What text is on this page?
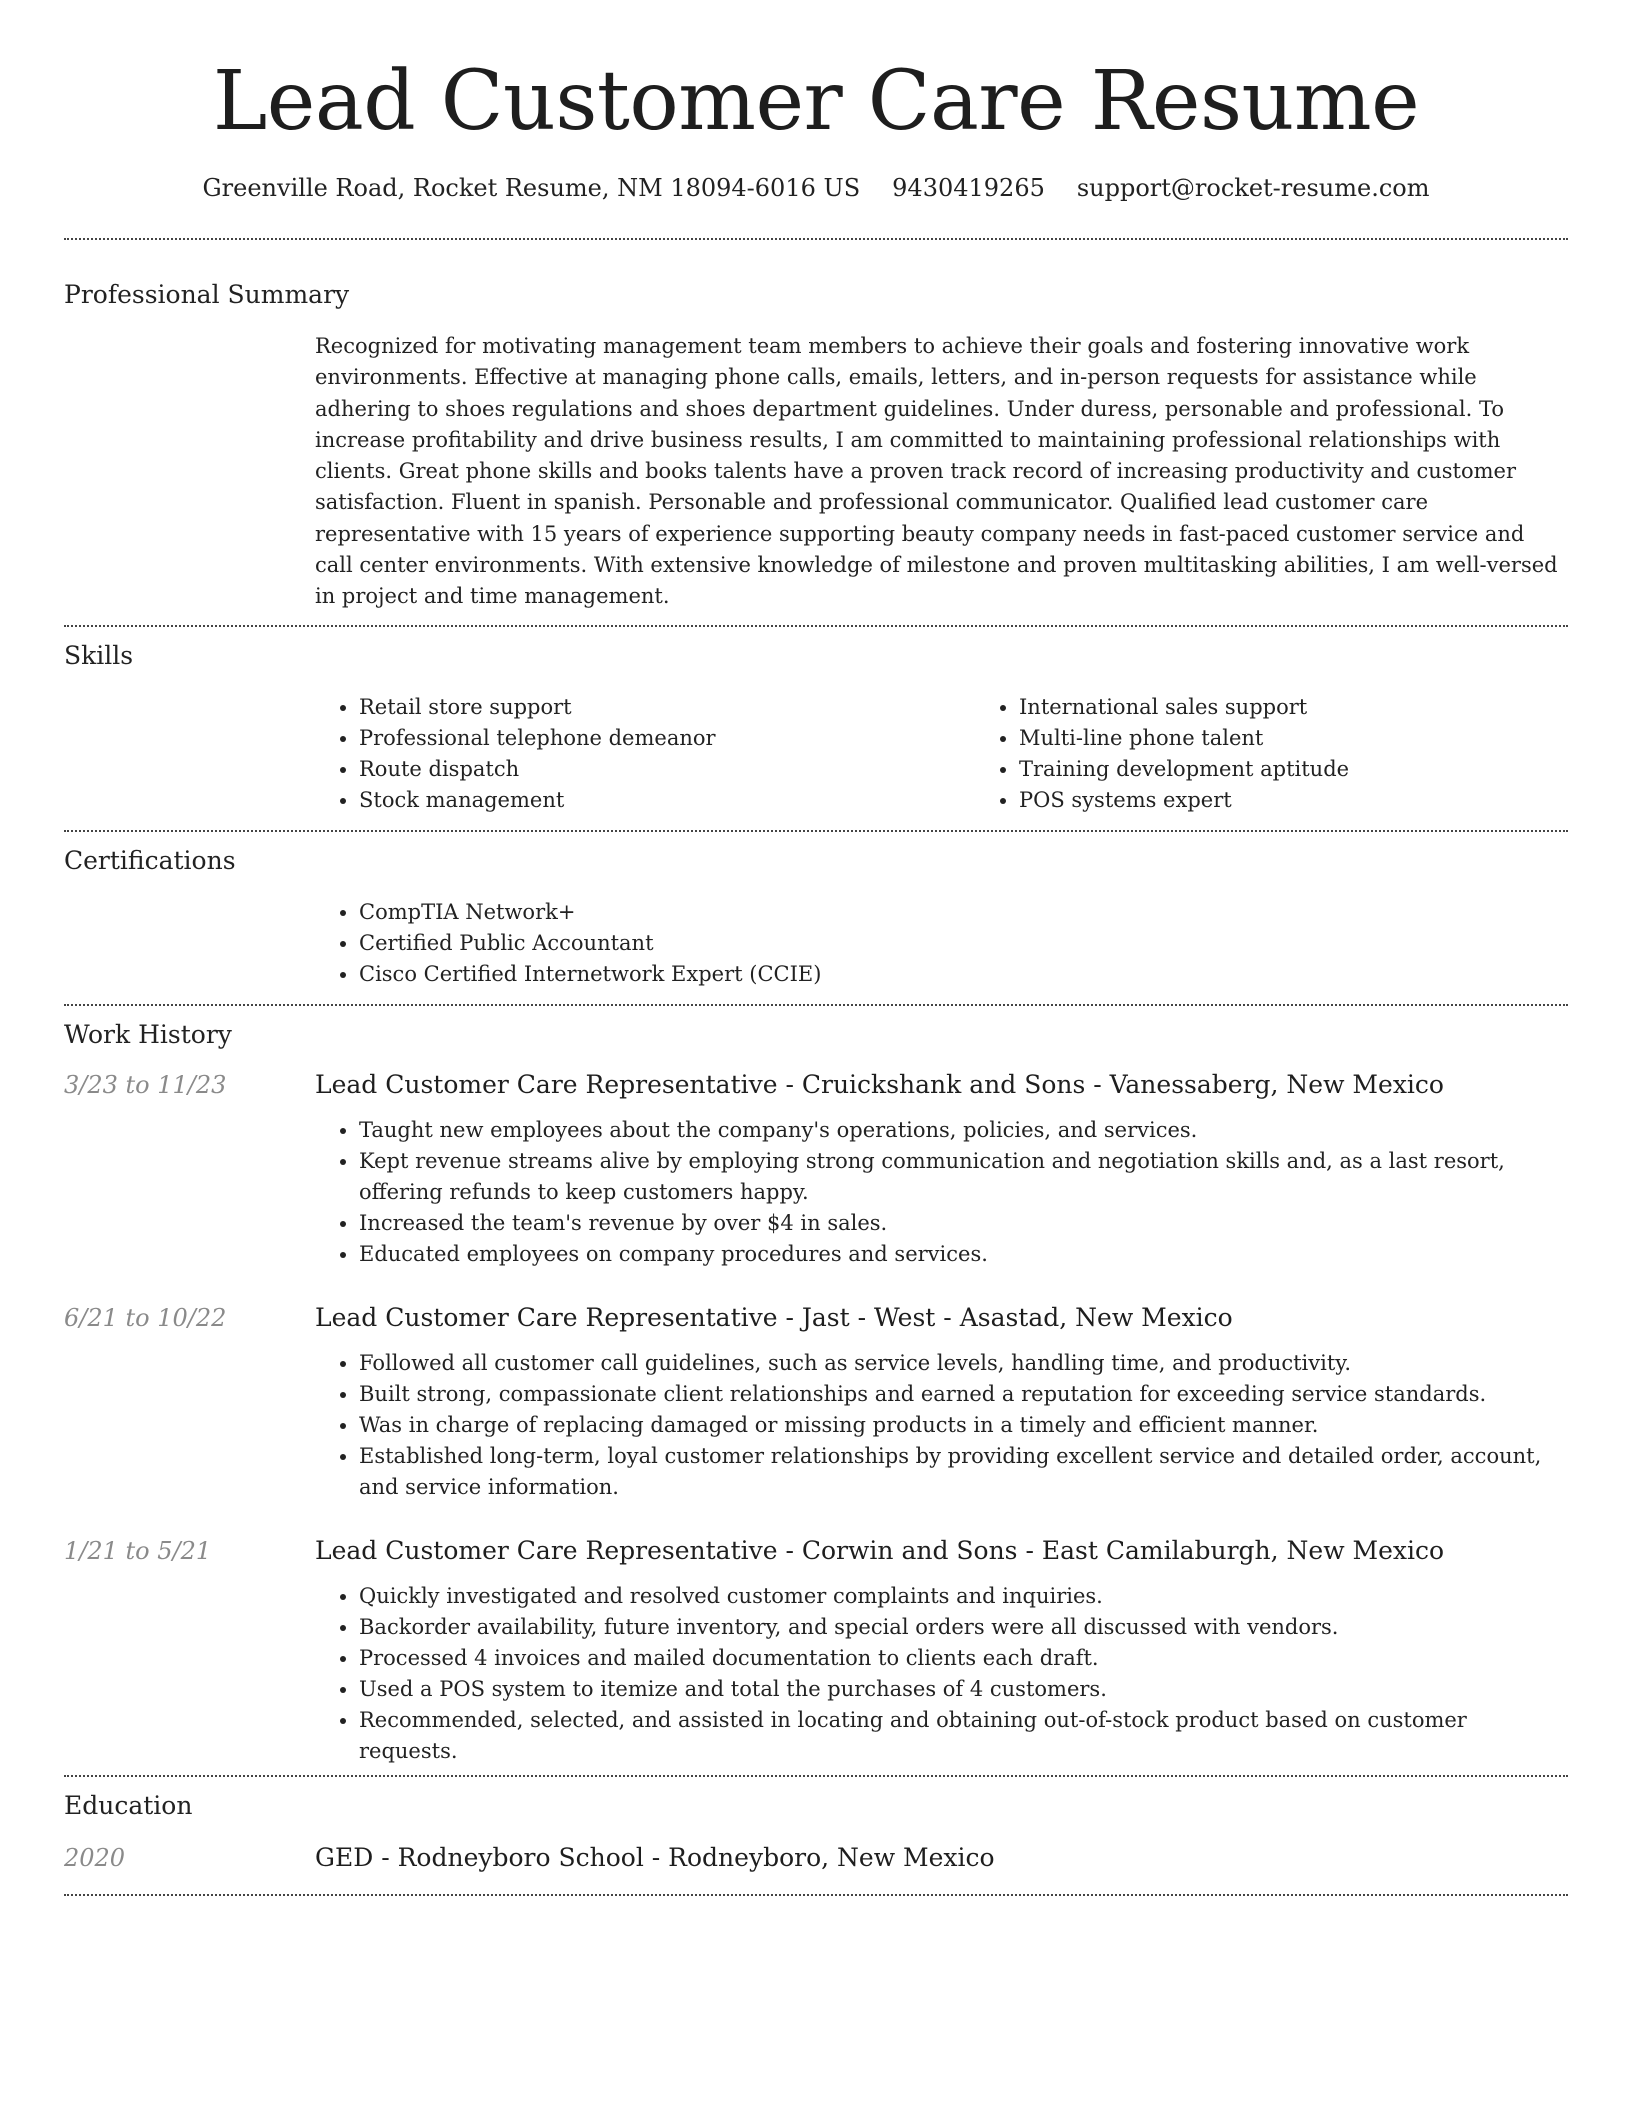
Lead Customer Care Resume
Greenville Road, Rocket Resume, NM 18094-6016 US 9430419265 support@rocket-resume.com
Professional Summary

Recognized for motivating management team members to achieve their goals and fostering innovative work environments. Effective at managing phone calls, emails, letters, and in-person requests for assistance while adhering to shoes regulations and shoes department guidelines. Under duress, personable and professional. To increase profitability and drive business results, I am committed to maintaining professional relationships with clients. Great phone skills and books talents have a proven track record of increasing productivity and customer satisfaction. Fluent in spanish. Personable and professional communicator. Qualified lead customer care representative with 15 years of experience supporting beauty company needs in fast-paced customer service and call center environments. With extensive knowledge of milestone and proven multitasking abilities, I am well-versed in project and time management.

Skills
• Retail store support
• Professional telephone demeanor
• Route dispatch
• Stock management
• International sales support
• Multi-line phone talent
• Training development aptitude
• POS systems expert
Certifications
• CompTIA Network+
• Certified Public Accountant
• Cisco Certified Internetwork Expert (CCIE)
Work History
3/23 to 11/23	Lead Customer Care Representative - Cruickshank and Sons - Vanessaberg, New Mexico
• Taught new employees about the company's operations, policies, and services.
• Kept revenue streams alive by employing strong communication and negotiation skills and, as a last resort, offering refunds to keep customers happy.
• Increased the team's revenue by over $4 in sales.
• Educated employees on company procedures and services.
6/21 to 10/22	Lead Customer Care Representative - Jast - West - Asastad, New Mexico
• Followed all customer call guidelines, such as service levels, handling time, and productivity.
• Built strong, compassionate client relationships and earned a reputation for exceeding service standards.
• Was in charge of replacing damaged or missing products in a timely and efficient manner.
• Established long-term, loyal customer relationships by providing excellent service and detailed order, account, and service information.
1/21 to 5/21	Lead Customer Care Representative - Corwin and Sons - East Camilaburgh, New Mexico
• Quickly investigated and resolved customer complaints and inquiries.
• Backorder availability, future inventory, and special orders were all discussed with vendors.
• Processed 4 invoices and mailed documentation to clients each draft.
• Used a POS system to itemize and total the purchases of 4 customers.
• Recommended, selected, and assisted in locating and obtaining out-of-stock product based on customer requests.
Education
2020	GED - Rodneyboro School - Rodneyboro, New Mexico
